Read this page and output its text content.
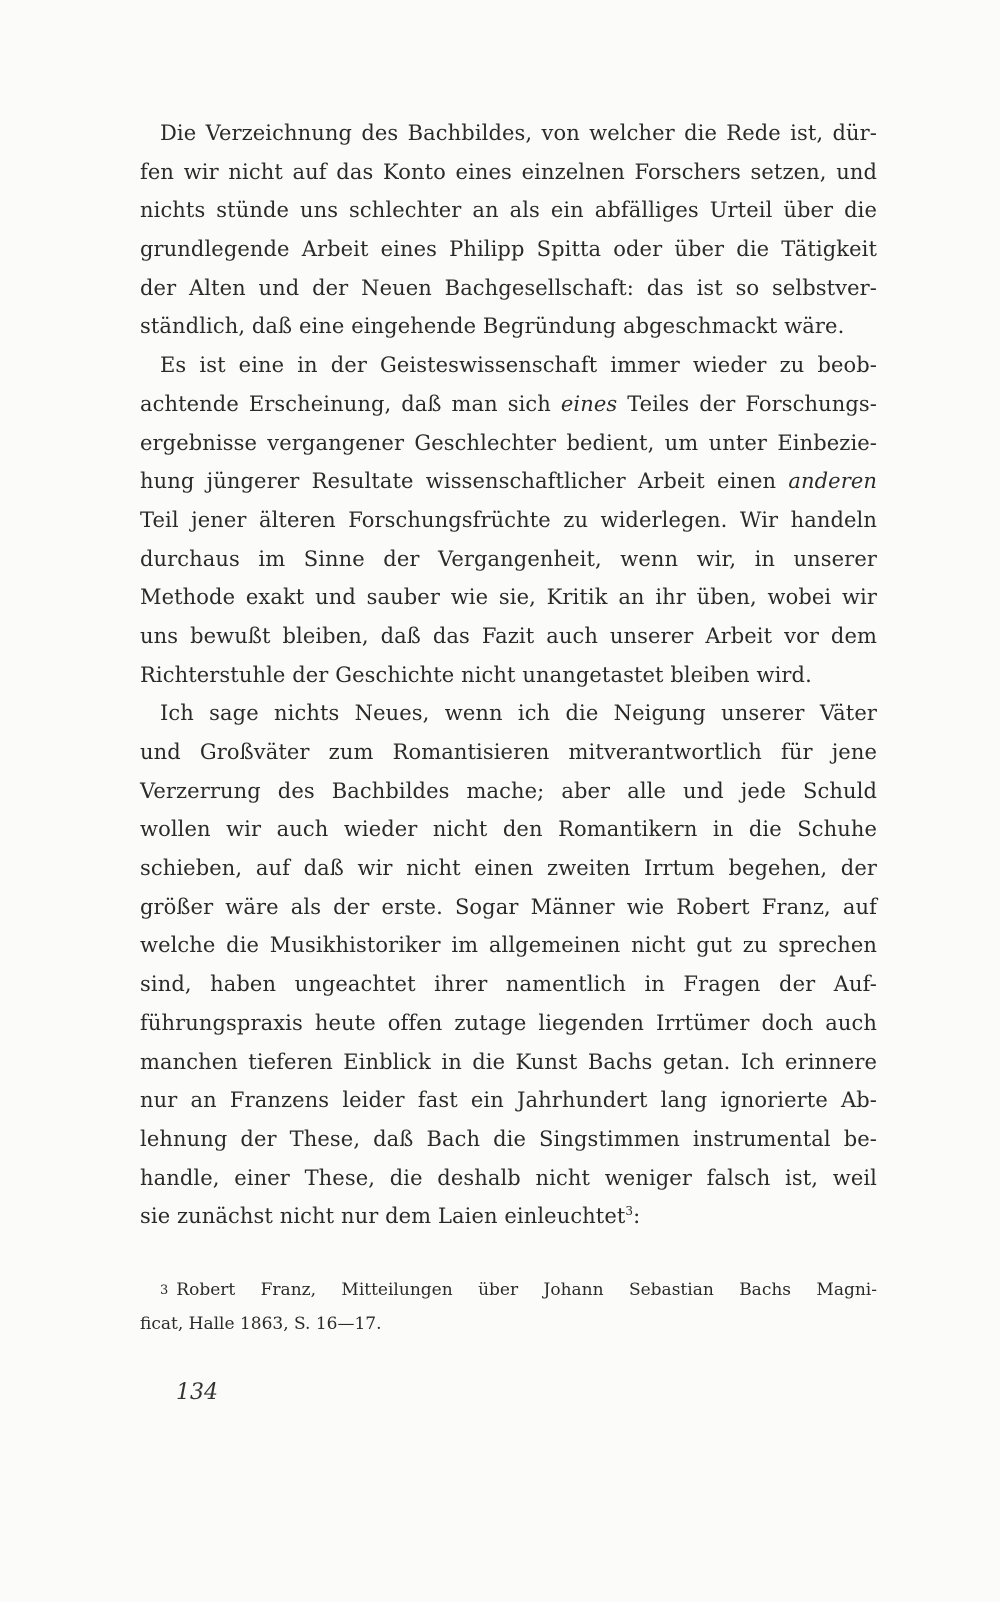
Die Verzeichnung des Bachbildes, von welcher die Rede ist, dür-
fen wir nicht auf das Konto eines einzelnen Forschers setzen, und
nichts stünde uns schlechter an als ein abfälliges Urteil über die
grundlegende Arbeit eines Philipp Spitta oder über die Tätigkeit
der Alten und der Neuen Bachgesellschaft: das ist so selbstver-
ständlich, daß eine eingehende Begründung abgeschmackt wäre.
Es ist eine in der Geisteswissenschaft immer wieder zu beob-
achtende Erscheinung, daß man sich eines Teiles der Forschungs-
ergebnisse vergangener Geschlechter bedient, um unter Einbezie-
hung jüngerer Resultate wissenschaftlicher Arbeit einen anderen
Teil jener älteren Forschungsfrüchte zu widerlegen. Wir handeln
durchaus im Sinne der Vergangenheit, wenn wir, in unserer
Methode exakt und sauber wie sie, Kritik an ihr üben, wobei wir
uns bewußt bleiben, daß das Fazit auch unserer Arbeit vor dem
Richterstuhle der Geschichte nicht unangetastet bleiben wird.
Ich sage nichts Neues, wenn ich die Neigung unserer Väter
und Großväter zum Romantisieren mitverantwortlich für jene
Verzerrung des Bachbildes mache; aber alle und jede Schuld
wollen wir auch wieder nicht den Romantikern in die Schuhe
schieben, auf daß wir nicht einen zweiten Irrtum begehen, der
größer wäre als der erste. Sogar Männer wie Robert Franz, auf
welche die Musikhistoriker im allgemeinen nicht gut zu sprechen
sind, haben ungeachtet ihrer namentlich in Fragen der Auf-
führungspraxis heute offen zutage liegenden Irrtümer doch auch
manchen tieferen Einblick in die Kunst Bachs getan. Ich erinnere
nur an Franzens leider fast ein Jahrhundert lang ignorierte Ab-
lehnung der These, daß Bach die Singstimmen instrumental be-
handle, einer These, die deshalb nicht weniger falsch ist, weil
sie zunächst nicht nur dem Laien einleuchtet$^3$:
3 Robert Franz, Mitteilungen über Johann Sebastian Bachs Magni-
ficat, Halle 1863, S. 16—17.
134
